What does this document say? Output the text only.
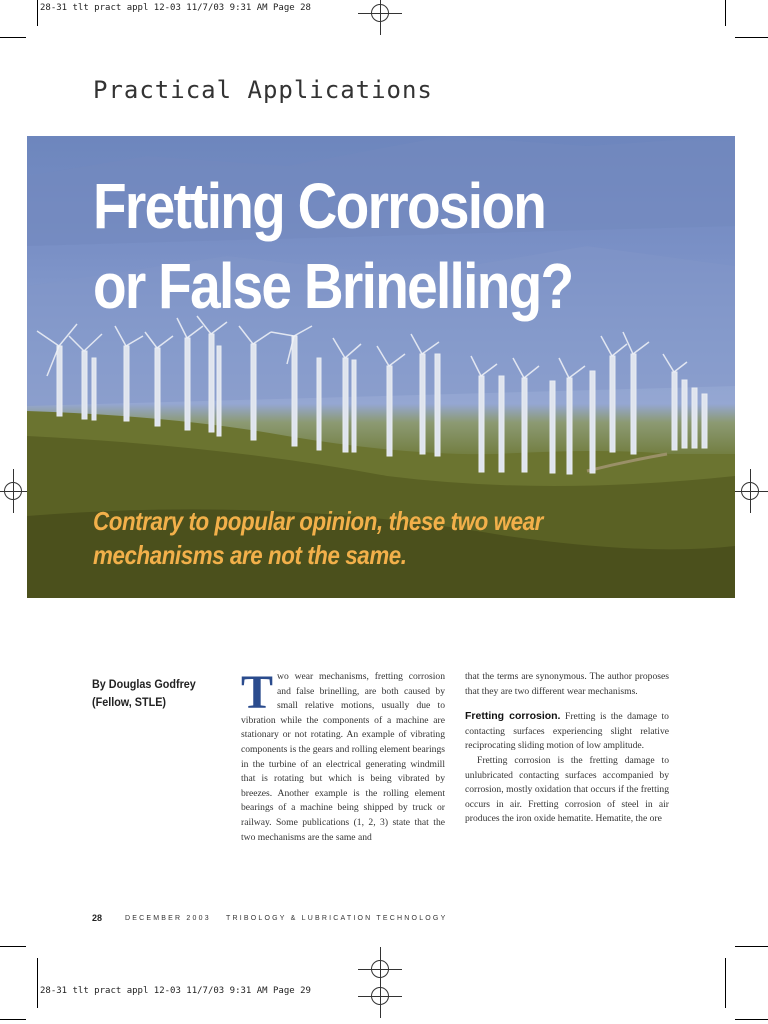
28-31 tlt pract appl 12-03 11/7/03 9:31 AM Page 28
28-31 tlt pract appl 12-03 11/7/03 9:31 AM Page 29
Practical Applications
Fretting Corrosion
or False Brinelling?
Contrary to popular opinion, these two wear
mechanisms are not the same.
By Douglas Godfrey
(Fellow, STLE)	T wo wear mechanisms, fretting corrosion and false brinelling, are both caused by small relative motions, usually due to vibration while the components of a machine are stationary or not rotating. An example of vibrating components is the gears and rolling element bearings in the turbine of an electrical generating windmill that is rotating but which is being vibrated by breezes. Another example is the rolling element bearings of a machine being shipped by truck or railway. Some publications (1, 2, 3) state that the two mechanisms are the same and

that the terms are synonymous. The author proposes that they are two different wear mechanisms.

Fretting corrosion. Fretting is the damage to contacting surfaces experiencing slight relative reciprocating sliding motion of low amplitude.

Fretting corrosion is the fretting damage to unlubricated contacting surfaces accompanied by corrosion, mostly oxidation that occurs if the fretting occurs in air. Fretting corrosion of steel in air produces the iron oxide hematite. Hematite, the ore

28	DECEMBER 2003 TRIBOLOGY & LUBRICATION TECHNOLOGY
